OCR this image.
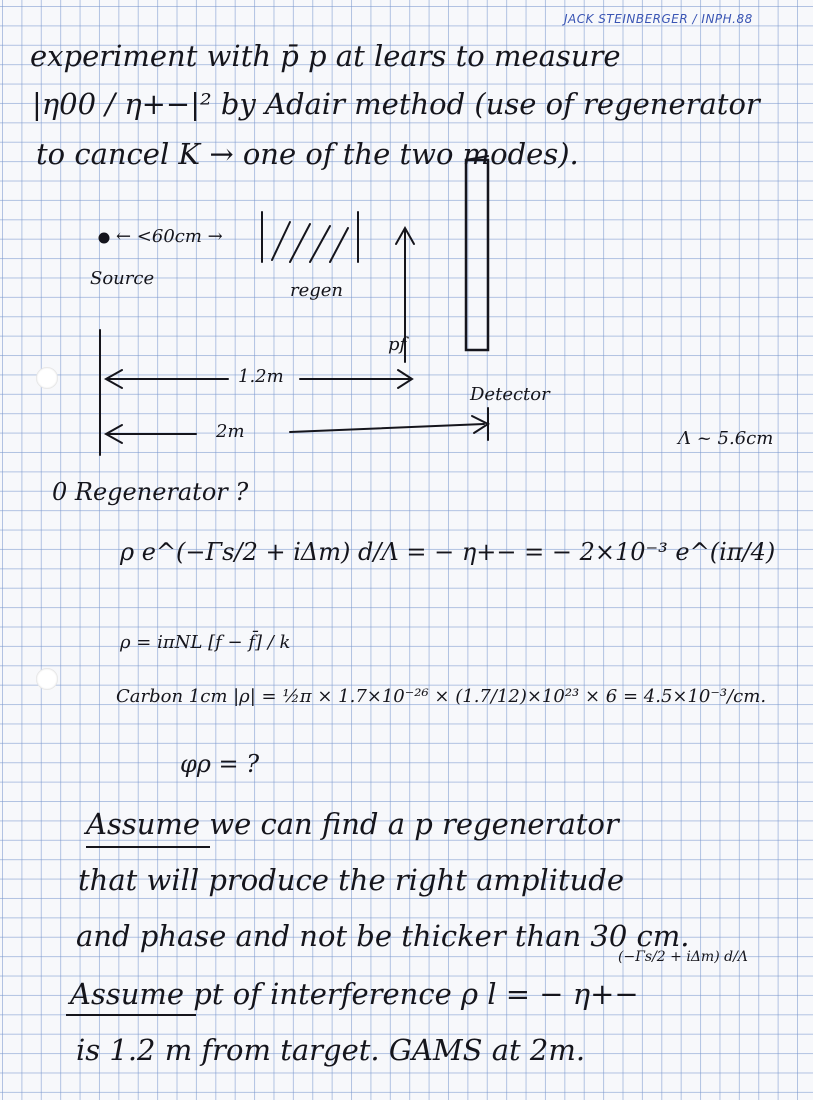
JACK STEINBERGER / INPH.88
experiment with p̄ p at lears to measure
|η00 / η+−|² by Adair method (use of regenerator
to cancel K → one of the two modes).
← <60cm →
Source
regen
pf
Detector
1.2m
2m	Λ ~ 5.6cm
0 Regenerator ?
ρ e^(−Γs/2 + iΔm) d/Λ = − η+− = − 2×10⁻³ e^(iπ/4)
ρ = iπNL [f − f̄] / k
Carbon 1cm |ρ| = ½π × 1.7×10⁻²⁶ × (1.7/12)×10²³ × 6 = 4.5×10⁻³/cm.
φρ = ?
Assume we can find a p regenerator
that will produce the right amplitude
and phase and not be thicker than 30 cm.
(−Γs/2 + iΔm) d/Λ
Assume pt of interference ρ l = − η+−
is 1.2 m from target. GAMS at 2m.
